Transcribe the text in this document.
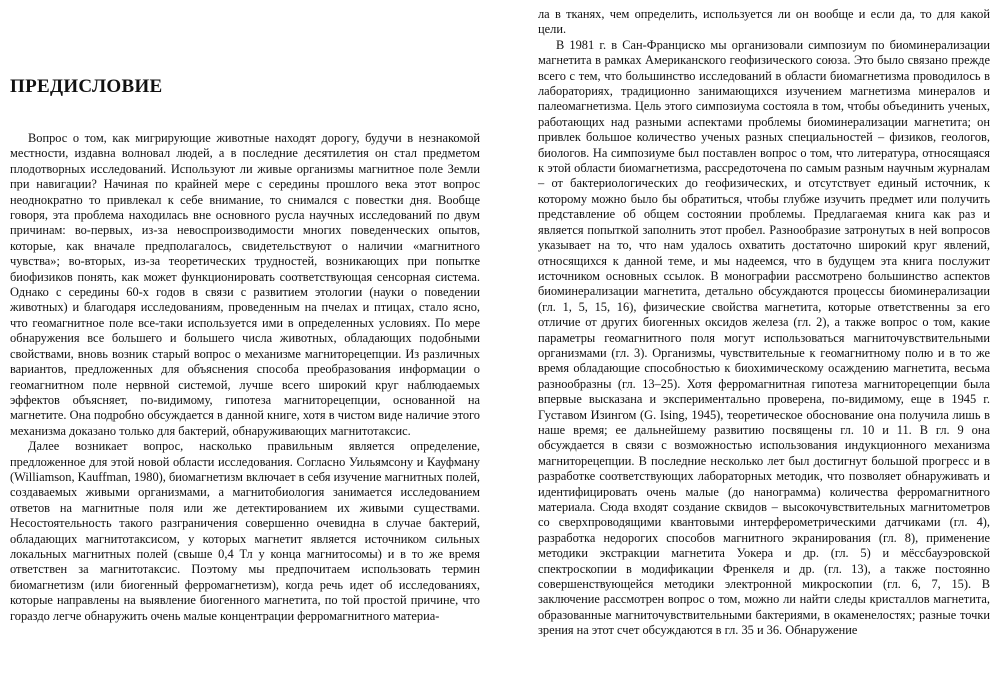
ПРЕДИСЛОВИЕ

Вопрос о том, как мигрирующие животные находят дорогу, будучи в незнакомой местности, издавна волновал людей, а в последние десятилетия он стал предметом плодотворных исследований. Используют ли живые организмы магнитное поле Земли при навигации? Начиная по крайней мере с середины прошлого века этот вопрос неоднократно то привлекал к себе внимание, то снимался с повестки дня. Вообще говоря, эта проблема находилась вне основного русла научных исследований по двум причинам: во-первых, из-за невоспроизводимости многих поведенческих опытов, которые, как вначале предполагалось, свидетельствуют о наличии «магнитного чувства»; во-вторых, из-за теоретических трудностей, возникающих при попытке биофизиков понять, как может функционировать соответствующая сенсорная система. Однако с середины 60-х годов в связи с развитием этологии (науки о поведении животных) и благодаря исследованиям, проведенным на пчелах и птицах, стало ясно, что геомагнитное поле все-таки используется ими в определенных условиях. По мере обнаружения все большего и большего числа животных, обладающих подобными свойствами, вновь возник старый вопрос о механизме магниторецепции. Из различных вариантов, предложенных для объяснения способа преобразования информации о геомагнитном поле нервной системой, лучше всего широкий круг наблюдаемых эффектов объясняет, по-видимому, гипотеза магниторецепции, основанной на магнетите. Она подробно обсуждается в данной книге, хотя в чистом виде наличие этого механизма доказано только для бактерий, обнаруживающих магнитотаксис.

Далее возникает вопрос, насколько правильным является определение, предложенное для этой новой области исследования. Согласно Уильямсону и Кауфману (Williamson, Kauffman, 1980), биомагнетизм включает в себя изучение магнитных полей, создаваемых живыми организмами, а магнитобиология занимается исследованием ответов на магнитные поля или же детектированием их живыми существами. Несостоятельность такого разграничения совершенно очевидна в случае бактерий, обладающих магнитотаксисом, у которых магнетит является источником сильных локальных магнитных полей (свыше 0,4 Тл у конца магнитосомы) и в то же время ответствен за магнитотаксис. Поэтому мы предпочитаем использовать термин биомагнетизм (или биогенный ферромагнетизм), когда речь идет об исследованиях, которые направлены на выявление биогенного магнетита, по той простой причине, что гораздо легче обнаружить очень малые концентрации ферромагнитного материа-

ла в тканях, чем определить, используется ли он вообще и если да, то для какой цели.

В 1981 г. в Сан-Франциско мы организовали симпозиум по биоминерализации магнетита в рамках Американского геофизического союза. Это было связано прежде всего с тем, что большинство исследований в области биомагнетизма проводилось в лабораториях, традиционно занимающихся изучением магнетизма минералов и палеомагнетизма. Цель этого симпозиума состояла в том, чтобы объединить ученых, работающих над разными аспектами проблемы биоминерализации магнетита; он привлек большое количество ученых разных специальностей – физиков, геологов, биологов. На симпозиуме был поставлен вопрос о том, что литература, относящаяся к этой области биомагнетизма, рассредоточена по самым разным научным журналам – от бактериологических до геофизических, и отсутствует единый источник, к которому можно было бы обратиться, чтобы глубже изучить предмет или получить представление об общем состоянии проблемы. Предлагаемая книга как раз и является попыткой заполнить этот пробел. Разнообразие затронутых в ней вопросов указывает на то, что нам удалось охватить достаточно широкий круг явлений, относящихся к данной теме, и мы надеемся, что в будущем эта книга послужит источником основных ссылок. В монографии рассмотрено большинство аспектов биоминерализации магнетита, детально обсуждаются процессы биоминерализации (гл. 1, 5, 15, 16), физические свойства магнетита, которые ответственны за его отличие от других биогенных оксидов железа (гл. 2), а также вопрос о том, какие параметры геомагнитного поля могут использоваться магниточувствительными организмами (гл. 3). Организмы, чувствительные к геомагнитному полю и в то же время обладающие способностью к биохимическому осаждению магнетита, весьма разнообразны (гл. 13–25). Хотя ферромагнитная гипотеза магниторецепции была впервые высказана и экспериментально проверена, по-видимому, еще в 1945 г. Густавом Изингом (G. Ising, 1945), теоретическое обоснование она получила лишь в наше время; ее дальнейшему развитию посвящены гл. 10 и 11. В гл. 9 она обсуждается в связи с возможностью использования индукционного механизма магниторецепции. В последние несколько лет был достигнут большой прогресс и в разработке соответствующих лабораторных методик, что позволяет обнаруживать и идентифицировать очень малые (до нанограмма) количества ферромагнитного материала. Сюда входят создание сквидов – высокочувствительных магнитометров со сверхпроводящими квантовыми интерферометрическими датчиками (гл. 4), разработка недорогих способов магнитного экранирования (гл. 8), применение методики экстракции магнетита Уокера и др. (гл. 5) и мёссбауэровской спектроскопии в модификации Френкеля и др. (гл. 13), а также постоянно совершенствующейся методики электронной микроскопии (гл. 6, 7, 15). В заключение рассмотрен вопрос о том, можно ли найти следы кристаллов магнетита, образованные магниточувствительными бактериями, в окаменелостях; разные точки зрения на этот счет обсуждаются в гл. 35 и 36. Обнаружение
